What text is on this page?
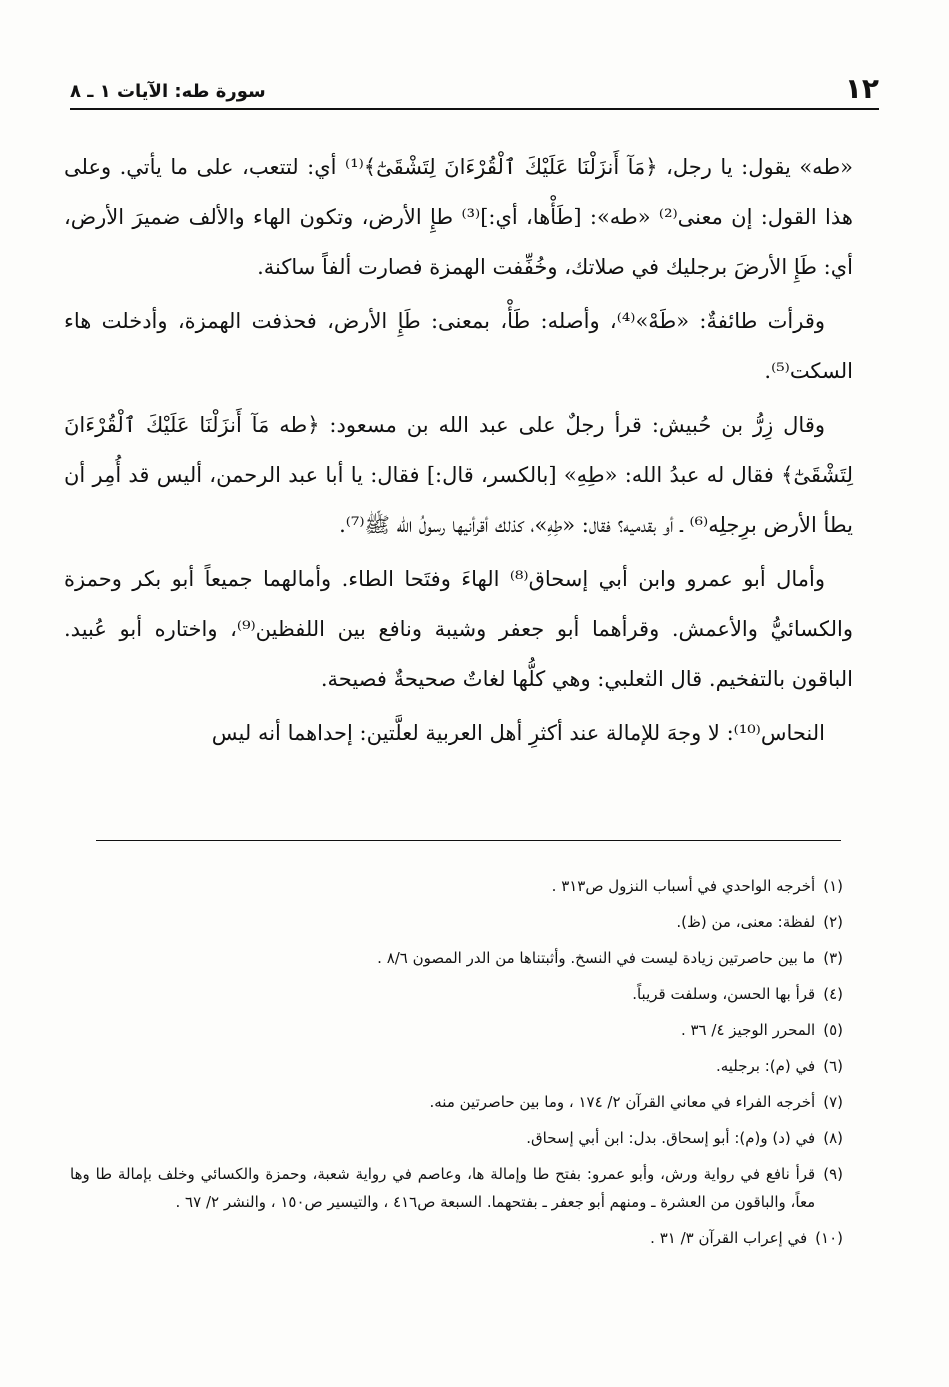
١٢
سورة طه: الآيات ١ ـ ٨

«طه» يقول: يا رجل، ﴿مَآ أَنزَلْنَا عَلَيْكَ ٱلْقُرْءَانَ لِتَشْقَىٰٓ﴾⁽¹⁾ أي: لتتعب، على ما يأتي. وعلى هذا القول: إن معنى⁽²⁾ «طه»: [طَأْها، أي:]⁽³⁾ طإِ الأرض، وتكون الهاء والألف ضميرَ الأرض، أي: طَإِ الأرضَ برجليك في صلاتك، وخُفِّفت الهمزة فصارت ألفاً ساكنة.

وقرأت طائفةٌ: «طَهْ»⁽⁴⁾، وأصله: طَأْ، بمعنى: طَإِ الأرض، فحذفت الهمزة، وأدخلت هاء السكت⁽⁵⁾.

وقال زِرُّ بن حُبيش: قرأ رجلٌ على عبد الله بن مسعود: ﴿طه مَآ أَنزَلْنَا عَلَيْكَ ٱلْقُرْءَانَ لِتَشْقَىٰٓ﴾ فقال له عبدُ الله: «طِهِ» [بالكسر، قال:] فقال: يا أبا عبد الرحمن، أليس قد أُمِر أن يطأ الأرض برِجلِه⁽⁶⁾ ـ أو بقدميه؟ فقال: «طِهِ»، كذلك أقرأنيها رسولُ الله ﷺ⁽⁷⁾.

وأمال أبو عمرو وابن أبي إسحاق⁽⁸⁾ الهاءَ وفتَحا الطاء. وأمالهما جميعاً أبو بكر وحمزة والكسائيُّ والأعمش. وقرأهما أبو جعفر وشيبة ونافع بين اللفظين⁽⁹⁾، واختاره أبو عُبيد. الباقون بالتفخيم. قال الثعلبي: وهي كلُّها لغاتٌ صحيحةٌ فصيحة.

النحاس⁽¹⁰⁾: لا وجهَ للإمالة عند أكثرِ أهل العربية لعلَّتين: إحداهما أنه ليس

(١)
أخرجه الواحدي في أسباب النزول ص٣١٣ .
(٢)
لفظة: معنى، من (ظ).
(٣)
ما بين حاصرتين زيادة ليست في النسخ. وأثبتناها من الدر المصون ٨/٦ .
(٤)
قرأ بها الحسن، وسلفت قريباً.
(٥)
المحرر الوجيز ٤/ ٣٦ .
(٦)
في (م): برجليه.
(٧)
أخرجه الفراء في معاني القرآن ٢/ ١٧٤ ، وما بين حاصرتين منه.
(٨)
في (د) و(م): أبو إسحاق. بدل: ابن أبي إسحاق.
(٩)
قرأ نافع في رواية ورش، وأبو عمرو: بفتح طا وإمالة ها، وعاصم في رواية شعبة، وحمزة والكسائي وخلف بإمالة طا وها معاً، والباقون من العشرة ـ ومنهم أبو جعفر ـ بفتحهما. السبعة ص٤١٦ ، والتيسير ص١٥٠ ، والنشر ٢/ ٦٧ .
(١٠)
في إعراب القرآن ٣/ ٣١ .
